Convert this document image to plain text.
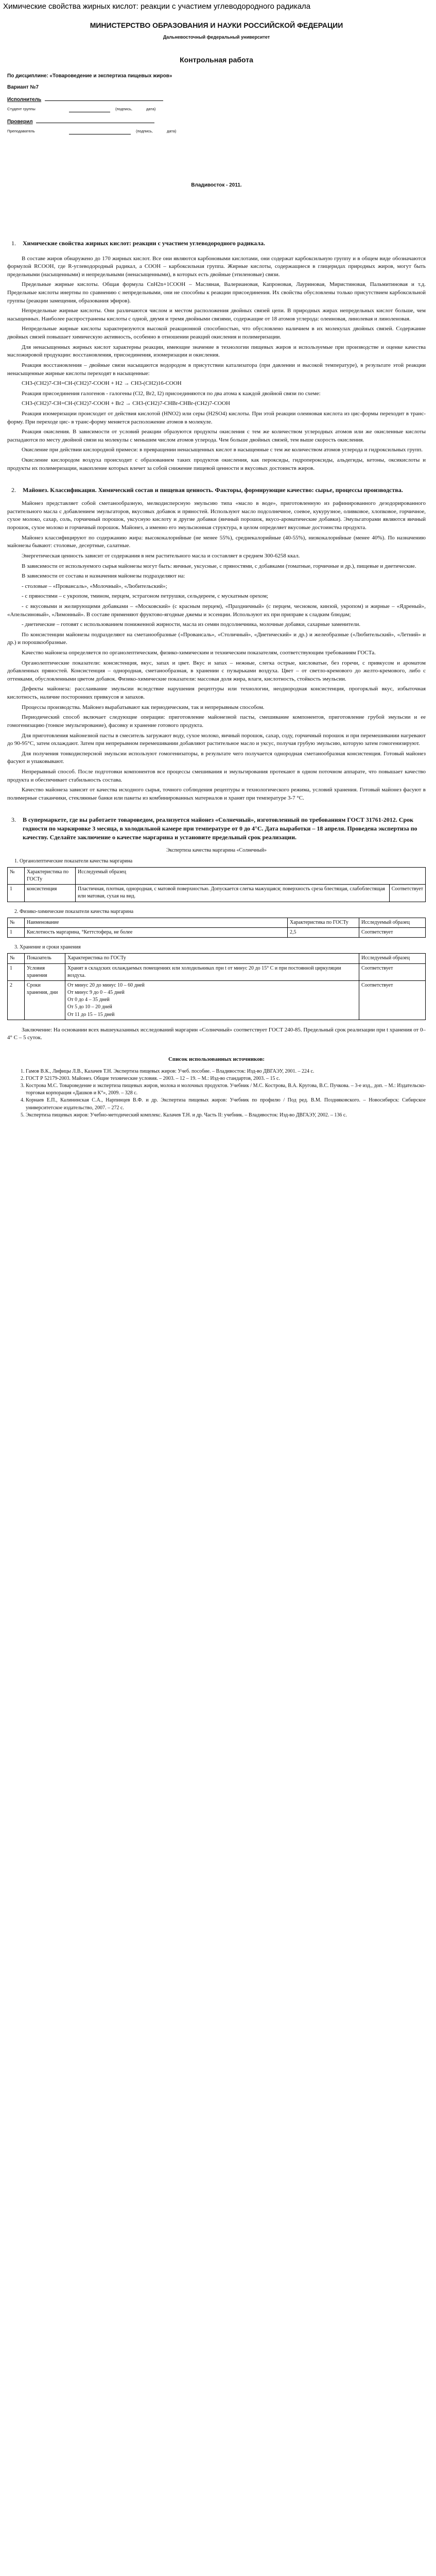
Химические свойства жирных кислот: реакции с участием углеводородного радикала

МИНИСТЕРСТВО ОБРАЗОВАНИЯ И НАУКИ РОССИЙСКОЙ ФЕДЕРАЦИИ

Дальневосточный федеральный университет

Контрольная работа

По дисциплине: «Товароведение и экспертиза пищевых жиров»
Вариант №7
Исполнитель
Студент группы	(подпись,	дата)
Проверил
Преподаватель	(подпись,	дата)

Владивосток - 2011.

1.	Химические свойства жирных кислот: реакции с участием углеводородного радикала.

В составе жиров обнаружено до 170 жирных кислот. Все они являются карбоновыми кислотами, они содержат карбоксильную группу и в общем виде обозначаются формулой RCOOH, где R-углеводородный радикал, а COOH – карбоксильная группа. Жирные кислоты, содержащиеся в глицеридах природных жиров, могут быть предельными (насыщенными) и непредельными (ненасыщенными), в которых есть двойные (этиленовые) связи.

Предельные жирные кислоты. Общая формула CnH2n+1COOH – Масляная, Валериановая, Капроновая, Лауриновая, Миристиновая, Пальмитиновая и т.д. Предельные кислоты инертны по сравнению с непредельными, они не способны к реакции присоединения. Их свойства обусловлены только присутствием карбоксильной группы (реакции замещения, образования эфиров).

Непредельные жирные кислоты. Они различаются числом и местом расположения двойных связей цепи. В природных жирах непредельных кислот больше, чем насыщенных. Наиболее распространены кислоты с одной, двумя и тремя двойными связями, содержащие от 18 атомов углерода: олеиновая, линолевая и линоленовая.

Непредельные жирные кислоты характеризуются высокой реакционной способностью, что обусловлено наличием в их молекулах двойных связей. Содержание двойных связей повышает химическую активность, особенно в отношении реакций окисления и полимеризации.

Для ненасыщенных жирных кислот характерны реакции, имеющие значение в технологии пищевых жиров и используемые при производстве и оценке качества масложировой продукции: восстановления, присоединения, изомеризации и окисления.

Реакция восстановления – двойные связи насыщаются водородом в присутствии катализатора (при давлении и высокой температуре), в результате этой реакции ненасыщенные жирные кислоты переходят в насыщенные:

CH3-(CH2)7-CH=CH-(CH2)7-COOH + H2 → CH3-(CH2)16-COOH

Реакция присоединения галогенов - галогены (Cl2, Br2, I2) присоединяются по два атома к каждой двойной связи по схеме:

CH3-(CH2)7-CH=CH-(CH2)7-COOH + Br2 → CH3-(CH2)7-CHBr-CHBr-(CH2)7-COOH

Реакция изомеризации происходит от действия кислотой (HNO2) или серы (H2SO4) кислоты. При этой реакции олеиновая кислота из цис-формы переходит в транс-форму. При переходе цис- в транс-форму меняется расположение атомов в молекуле.

Реакция окисления. В зависимости от условий реакции образуются продукты окисления с тем же количеством углеродных атомов или же окисленные кислоты распадаются по месту двойной связи на молекулы с меньшим числом атомов углерода. Чем больше двойных связей, тем выше скорость окисления.

Окисление при действии кислородной примеси: в превращении ненасыщенных кислот в насыщенные с тем же количеством атомов углерода и гидроксильных групп.

Окисление кислородом воздуха происходит с образованием таких продуктов окисления, как пероксиды, гидропероксиды, альдегиды, кетоны, оксикислоты и продукты их полимеризации, накопление которых влечет за собой снижение пищевой ценности и вкусовых достоинств жиров.

2.	Майонез. Классификация. Химический состав и пищевая ценность. Факторы, формирующие качество: сырье, процессы производства.

Майонез представляет собой сметанообразную, мелкодисперсную эмульсию типа «масло в воде», приготовленную из рафинированного дезодорированного растительного масла с добавлением эмульгаторов, вкусовых добавок и пряностей. Используют масло подсолнечное, соевое, кукурузное, оливковое, хлопковое, горчичное, сухое молоко, сахар, соль, горчичный порошок, уксусную кислоту и другие добавки (яичный порошок, вкусо-ароматические добавки). Эмульгаторами являются яичный порошок, сухое молоко и горчичный порошок. Майонез, а именно его эмульсионная структура, в целом определяет вкусовые достоинства продукта.

Майонез классифицируют по содержанию жира: высококалорийные (не менее 55%), среднекалорийные (40-55%), низкокалорийные (менее 40%). По назначению майонезы бывают: столовые, десертные, салатные.

Энергетическая ценность зависит от содержания в нем растительного масла и составляет в среднем 300-6258 ккал.

В зависимости от используемого сырья майонезы могут быть: яичные, уксусные, с пряностями, с добавками (томатные, горчичные и др.), пищевые и диетические.

В зависимости от состава и назначения майонезы подразделяют на:

- столовые – «Провансаль», «Молочный», «Любительский»;

- с пряностями – с укропом, тмином, перцем, эстрагоном петрушки, сельдереем, с мускатным орехом;

- с вкусовыми и желирующими добавками – «Московский» (с красным перцем), «Праздничный» (с перцем, чесноком, кинзой, укропом) и жирные – «Ядреный», «Апельсиновый», «Лимонный». В составе применяют фруктово-ягодные джемы и эссенции. Используют их при приправе к сладким блюдам;

- диетические – готовят с использованием пониженной жирности, масла из семян подсолнечника, молочные добавки, сахарные заменители.

По консистенции майонезы подразделяют на сметанообразные («Провансаль», «Столичный», «Диетический» и др.) и желеобразные («Любительский», «Летний» и др.) и порошкообразные.

Качество майонеза определяется по органолептическим, физико-химическим и техническим показателям, соответствующим требованиям ГОСТа.

Органолептические показатели: консистенция, вкус, запах и цвет. Вкус и запах – нежные, слегка острые, кисловатые, без горечи, с привкусом и ароматом добавленных пряностей. Консистенция – однородная, сметанообразная, в хранении с пузырьками воздуха. Цвет – от светло-кремового до желто-кремового, либо с оттенками, обусловленными цветом добавок. Физико-химические показатели: массовая доля жира, влаги, кислотность, стойкость эмульсии.

Дефекты майонеза: расслаивание эмульсии вследствие нарушения рецептуры или технологии, неоднородная консистенция, прогорклый вкус, избыточная кислотность, наличие посторонних привкусов и запахов.

Процессы производства. Майонез вырабатывают как периодическим, так и непрерывным способом.

Периодический способ включает следующие операции: приготовление майонезной пасты, смешивание компонентов, приготовление грубой эмульсии и ее гомогенизацию (тонкое эмульгирование), фасовку и хранение готового продукта.

Для приготовления майонезной пасты в смеситель загружают воду, сухое молоко, яичный порошок, сахар, соду, горчичный порошок и при перемешивании нагревают до 90-95°С, затем охлаждают. Затем при непрерывном перемешивании добавляют растительное масло и уксус, получая грубую эмульсию, которую затем гомогенизируют.

Для получения тонкодисперсной эмульсии используют гомогенизаторы, в результате чего получается однородная сметанообразная консистенция. Готовый майонез фасуют и упаковывают.

Непрерывный способ. После подготовки компонентов все процессы смешивания и эмульгирования протекают в одном поточном аппарате, что повышает качество продукта и обеспечивает стабильность состава.

Качество майонеза зависит от качества исходного сырья, точного соблюдения рецептуры и технологического режима, условий хранения. Готовый майонез фасуют в полимерные стаканчики, стеклянные банки или пакеты из комбинированных материалов и хранят при температуре 3-7 °С.

3.	В супермаркете, где вы работаете товароведом, реализуется майонез «Солнечный», изготовленный по требованиям ГОСТ 31761-2012. Срок годности по маркировке 3 месяца, в холодильной камере при температуре от 0 до 4°С. Дата выработки – 18 апреля. Проведена экспертиза по качеству. Сделайте заключение о качестве маргарина и установите предельный срок реализации.

Экспертиза качества маргарина «Солнечный»

1. Органолептические показатели качества маргарина

№	Характеристика по ГОСТу	Исследуемый образец	
1	консистенция	Пластичная, плотная, однородная, с матовой поверхностью. Допускается слегка мажущаяся; поверхность среза блестящая, слабоблестящая или матовая, сухая на вид.	Соответствует

2. Физико-химические показатели качества маргарина

№	Наименование	Характеристика по ГОСТу	Исследуемый образец
1	Кислотность маргарина, °Кеттстофера, не более	2,5	Соответствует

3. Хранение и сроки хранения

№	Показатель	Характеристика по ГОСТу	Исследуемый образец
1	Условия хранения	Хранят в складских охлаждаемых помещениях или холодильниках при t от минус 20 до 15° С и при постоянной циркуляции воздуха.	Соответствует
2	Сроки хранения, дни	От минус 20 до минус 10 – 60 дней
От минус 9 до 0 – 45 дней
От 0 до 4 – 35 дней
От 5 до 10 – 20 дней
От 11 до 15 – 15 дней	Соответствует

Заключение: На основании всех вышеуказанных исследований маргарин «Солнечный» соответствует ГОСТ 240-85. Предельный срок реализации при t хранения от 0–4° С – 5 суток.

Список использованных источников:

1. Гамов В.К., Лифицы Л.В., Калачев Т.Н. Экспертиза пищевых жиров: Учеб. пособие. – Владивосток: Изд-во ДВГАЭУ, 2001. – 224 с.
2. ГОСТ Р 52179-2003. Майонез. Общие технические условия. – 2003. – 12 – 19. – М.: Изд-во стандартов, 2003. – 15 с.
3. Кострова М.С. Товароведение и экспертиза пищевых жиров, молока и молочных продуктов. Учебник / М.С. Кострова, В.А. Кругова, В.С. Пучкова. – 3-е изд., доп. – М.: Издательско-торговая корпорация «Дашков и К°», 2009. – 328 с.
4. Корнаев Е.П., Калининская С.А., Нарпинцев В.Ф. и др. Экспертиза пищевых жиров: Учебник по профилю / Под ред. В.М. Поздняковского. – Новосибирск: Сибирское университетское издательство, 2007. – 272 с.
5. Экспертиза пищевых жиров: Учебно-методический комплекс. Калачев Т.Н. и др. Часть II: учебник. – Владивосток: Изд-во ДВГАЭУ, 2002. – 136 с.
